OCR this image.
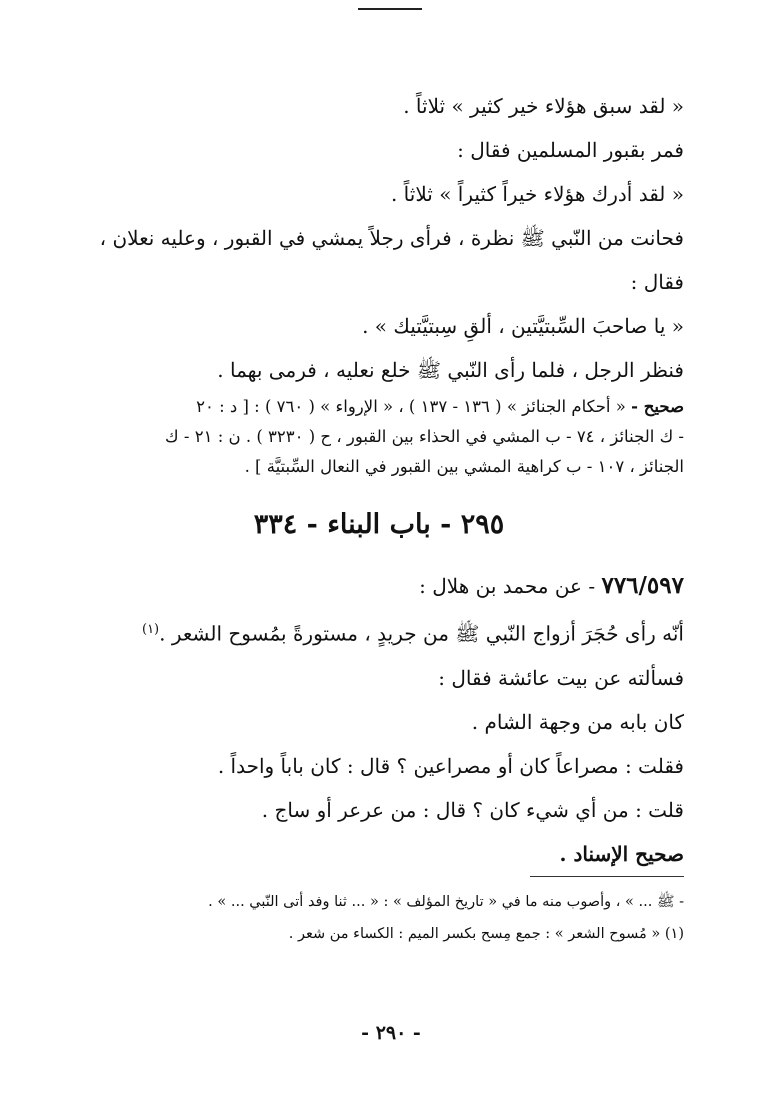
« لقد سبق هؤلاء خير كثير » ثلاثاً .
فمر بقبور المسلمين فقال :
« لقد أدرك هؤلاء خيراً كثيراً » ثلاثاً .
فحانت من النّبي ﷺ نظرة ، فرأى رجلاً يمشي في القبور ، وعليه نعلان ،
فقال :
« يا صاحبَ السِّبتيَّتين ، ألقِ سِبتيَّتيك » .
فنظر الرجل ، فلما رأى النّبي ﷺ خلع نعليه ، فرمى بهما .
صحيح - « أحكام الجنائز » ( ١٣٦ - ١٣٧ ) ، « الإرواء » ( ٧٦٠ ) : [ د : ٢٠
- ك الجنائز ، ٧٤ - ب المشي في الحذاء بين القبور ، ح ( ٣٢٣٠ ) . ن : ٢١ - ك
الجنائز ، ١٠٧ - ب كراهية المشي بين القبور في النعال السِّبتيَّة ] .
٢٩٥ - باب البناء - ٣٣٤
٧٧٦/٥٩٧ - عن محمد بن هلال :
أنّه رأى حُجَرَ أزواج النّبي ﷺ من جريدٍ ، مستورةً بمُسوح الشعر .$^{(١)}$
فسألته عن بيت عائشة فقال :
كان بابه من وجهة الشام .
فقلت : مصراعاً كان أو مصراعين ؟ قال : كان باباً واحداً .
قلت : من أي شيء كان ؟ قال : من عرعر أو ساج .
صحيح الإسناد .
- ﷺ ... » ، وأصوب منه ما في « تاريخ المؤلف » : « ... ثنا وفد أتى النّبي ... » .
(١) « مُسوح الشعر » : جمع مِسح بكسر الميم : الكساء من شعر .
- ٢٩٠ -
